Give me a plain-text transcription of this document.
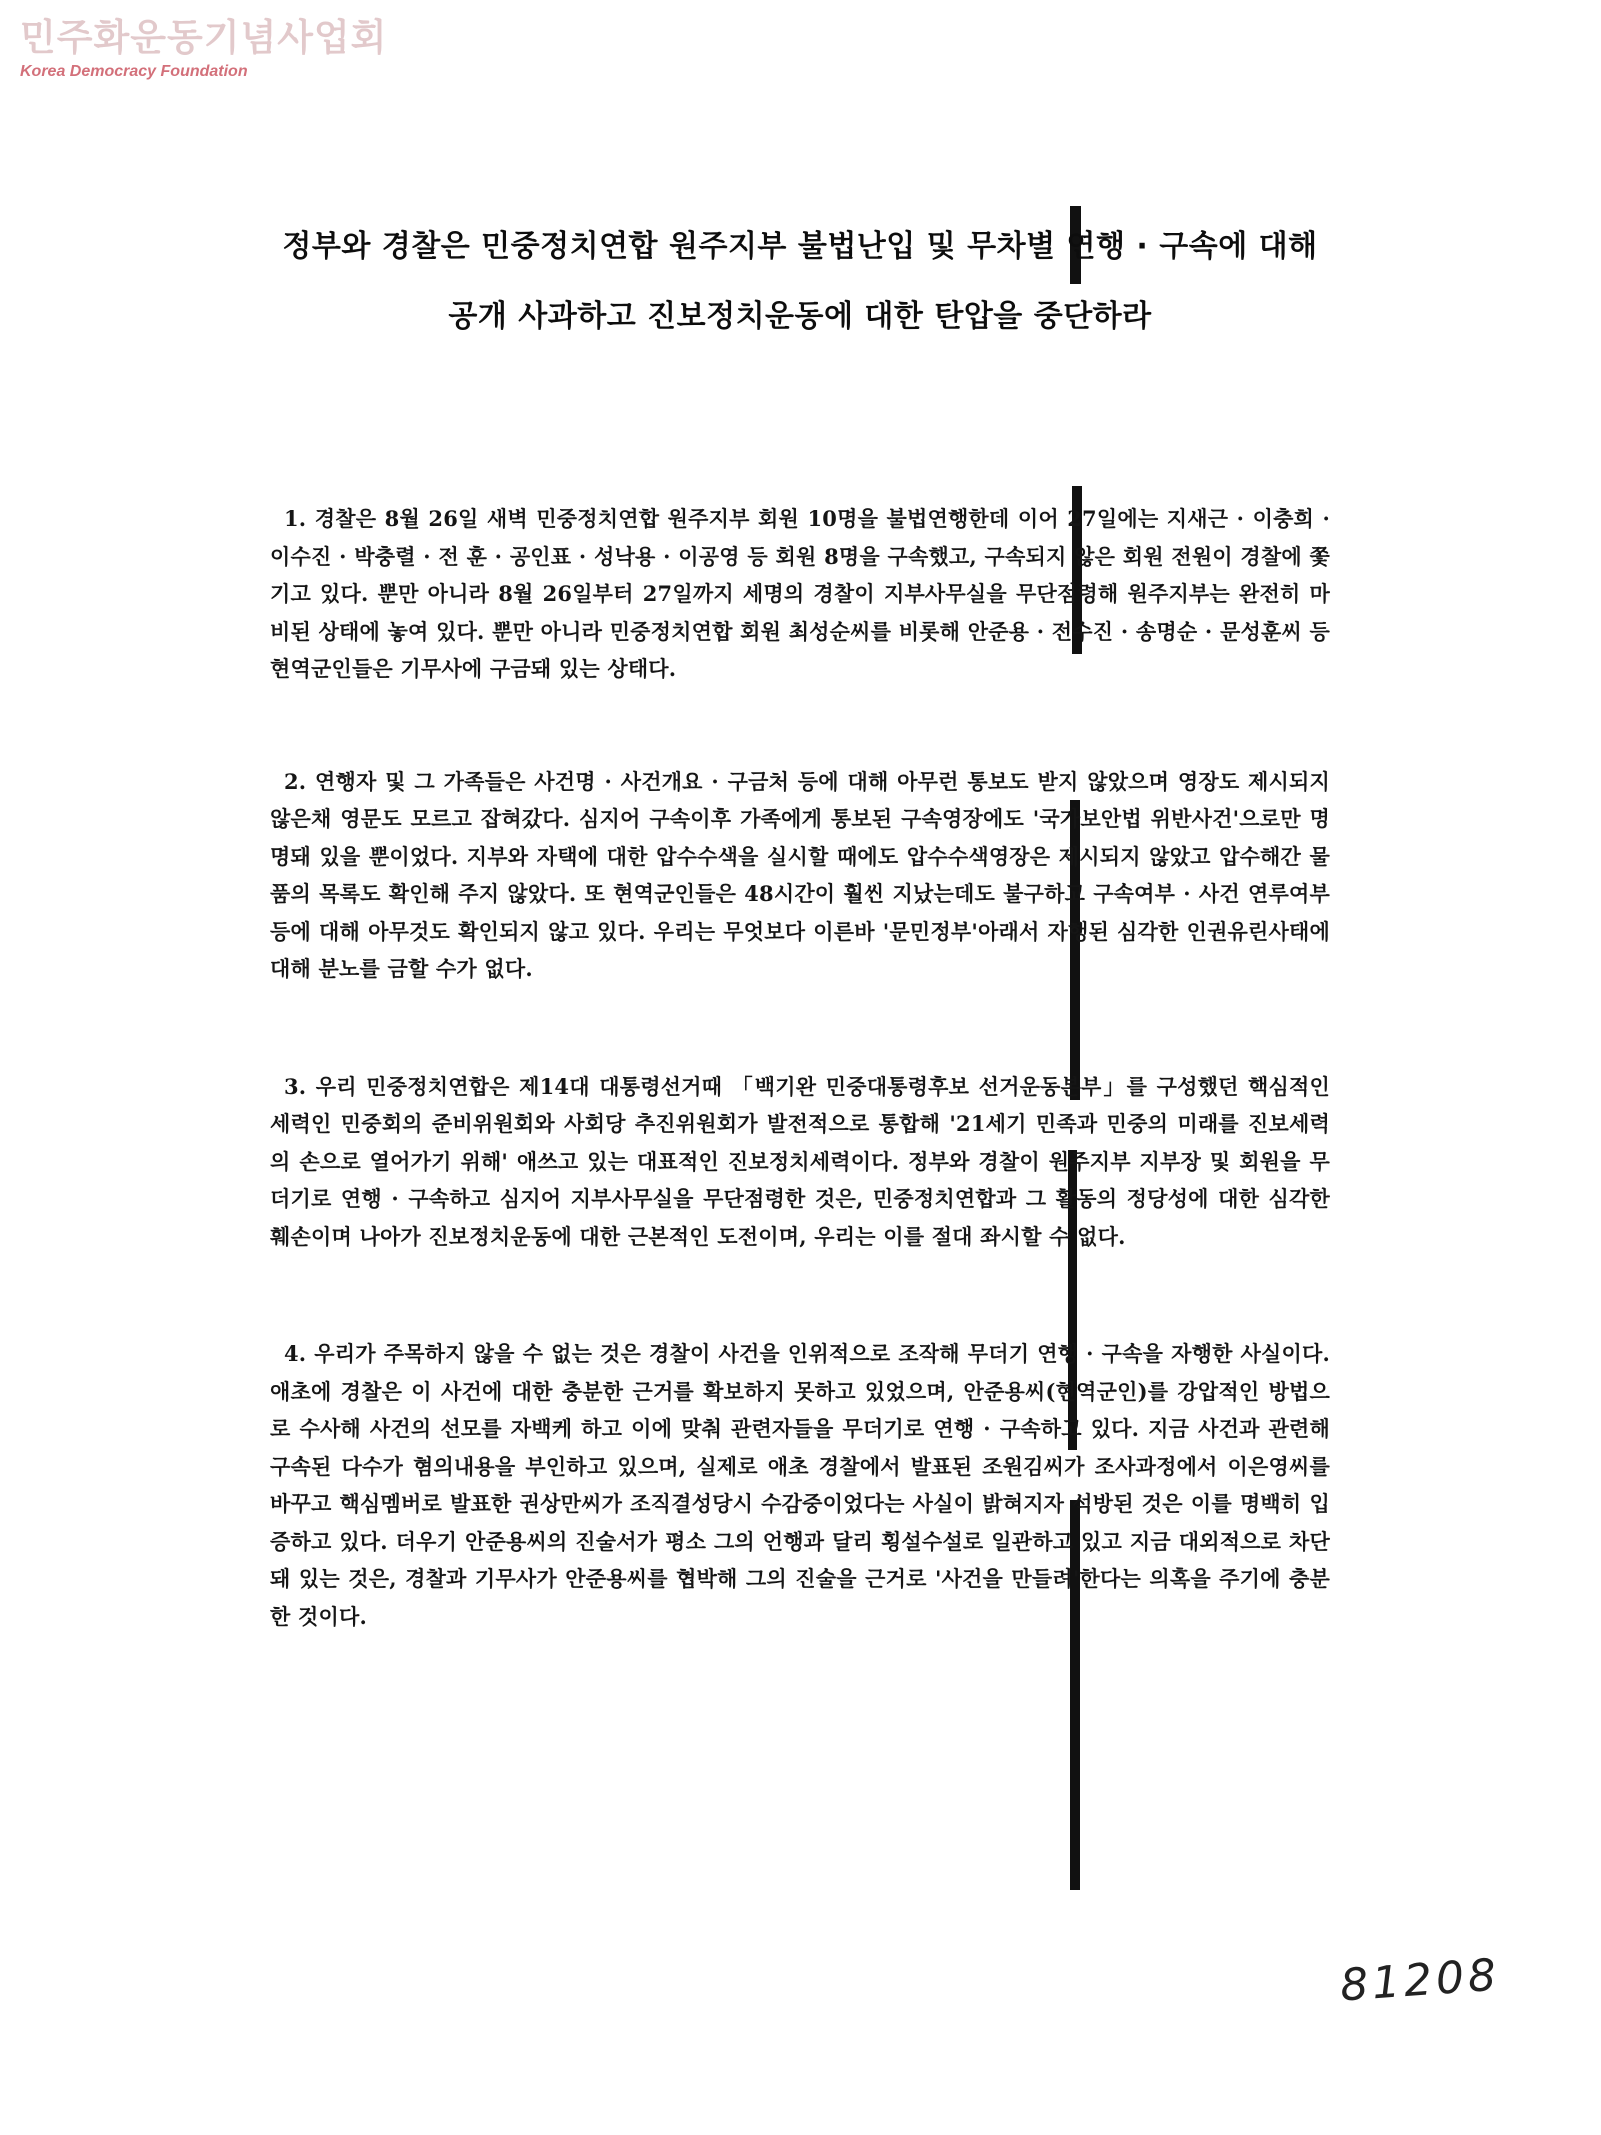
민주화운동기념사업회
Korea Democracy Foundation
정부와 경찰은 민중정치연합 원주지부 불법난입 및 무차별 연행 · 구속에 대해
공개 사과하고 진보정치운동에 대한 탄압을 중단하라

1. 경찰은 8월 26일 새벽 민중정치연합 원주지부 회원 10명을 불법연행한데 이어 27일에는 지새근 · 이충희 · 이수진 · 박충렬 · 전 훈 · 공인표 · 성낙용 · 이공영 등 회원 8명을 구속했고, 구속되지 않은 회원 전원이 경찰에 쫓기고 있다. 뿐만 아니라 8월 26일부터 27일까지 세명의 경찰이 지부사무실을 무단점령해 원주지부는 완전히 마비된 상태에 놓여 있다. 뿐만 아니라 민중정치연합 회원 최성순씨를 비롯해 안준용 · 전수진 · 송명순 · 문성훈씨 등 현역군인들은 기무사에 구금돼 있는 상태다.

2. 연행자 및 그 가족들은 사건명 · 사건개요 · 구금처 등에 대해 아무런 통보도 받지 않았으며 영장도 제시되지 않은채 영문도 모르고 잡혀갔다. 심지어 구속이후 가족에게 통보된 구속영장에도 '국가보안법 위반사건'으로만 명명돼 있을 뿐이었다. 지부와 자택에 대한 압수수색을 실시할 때에도 압수수색영장은 제시되지 않았고 압수해간 물품의 목록도 확인해 주지 않았다. 또 현역군인들은 48시간이 훨씬 지났는데도 불구하고 구속여부 · 사건 연루여부 등에 대해 아무것도 확인되지 않고 있다. 우리는 무엇보다 이른바 '문민정부'아래서 자행된 심각한 인권유린사태에 대해 분노를 금할 수가 없다.

3. 우리 민중정치연합은 제14대 대통령선거때 「백기완 민중대통령후보 선거운동본부」를 구성했던 핵심적인 세력인 민중회의 준비위원회와 사회당 추진위원회가 발전적으로 통합해 '21세기 민족과 민중의 미래를 진보세력의 손으로 열어가기 위해' 애쓰고 있는 대표적인 진보정치세력이다. 정부와 경찰이 원주지부 지부장 및 회원을 무더기로 연행 · 구속하고 심지어 지부사무실을 무단점령한 것은, 민중정치연합과 그 활동의 정당성에 대한 심각한 훼손이며 나아가 진보정치운동에 대한 근본적인 도전이며, 우리는 이를 절대 좌시할 수 없다.

4. 우리가 주목하지 않을 수 없는 것은 경찰이 사건을 인위적으로 조작해 무더기 연행 · 구속을 자행한 사실이다. 애초에 경찰은 이 사건에 대한 충분한 근거를 확보하지 못하고 있었으며, 안준용씨(현역군인)를 강압적인 방법으로 수사해 사건의 선모를 자백케 하고 이에 맞춰 관련자들을 무더기로 연행 · 구속하고 있다. 지금 사건과 관련해 구속된 다수가 혐의내용을 부인하고 있으며, 실제로 애초 경찰에서 발표된 조원김씨가 조사과정에서 이은영씨를 바꾸고 핵심멤버로 발표한 권상만씨가 조직결성당시 수감중이었다는 사실이 밝혀지자 석방된 것은 이를 명백히 입증하고 있다. 더우기 안준용씨의 진술서가 평소 그의 언행과 달리 횡설수설로 일관하고 있고 지금 대외적으로 차단돼 있는 것은, 경찰과 기무사가 안준용씨를 협박해 그의 진술을 근거로 '사건을 만들려'한다는 의혹을 주기에 충분한 것이다.

81208
